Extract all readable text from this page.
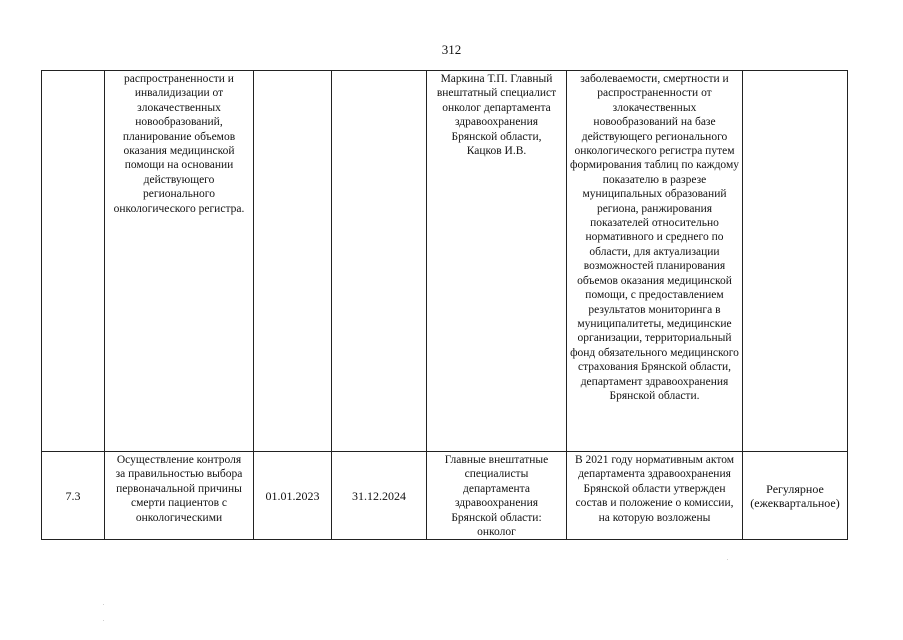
312
	распространенности и инвалидизации от злокачественных новообразований, планирование объемов оказания медицинской помощи на основании действующего регионального онкологического регистра.			Маркина Т.П. Главный внештатный специалист онколог департамента здравоохранения Брянской области, Кацков И.В.	заболеваемости, смертности и распространенности от злокачественных новообразований на базе действующего регионального онкологического регистра путем формирования таблиц по каждому показателю в разрезе муниципальных образований региона, ранжирования показателей относительно нормативного и среднего по области, для актуализации возможностей планирования объемов оказания медицинской помощи, с предоставлением результатов мониторинга в муниципалитеты, медицинские организации, территориальный фонд обязательного медицинского страхования Брянской области, департамент здравоохранения Брянской области.	
7.3	Осуществление контроля за правильностью выбора первоначальной причины смерти пациентов с онкологическими	01.01.2023	31.12.2024	Главные внештатные специалисты департамента здравоохранения Брянской области: онколог	В 2021 году нормативным актом департамента здравоохранения Брянской области утвержден состав и положение о комиссии, на которую возложены	Регулярное (ежеквартальное)
